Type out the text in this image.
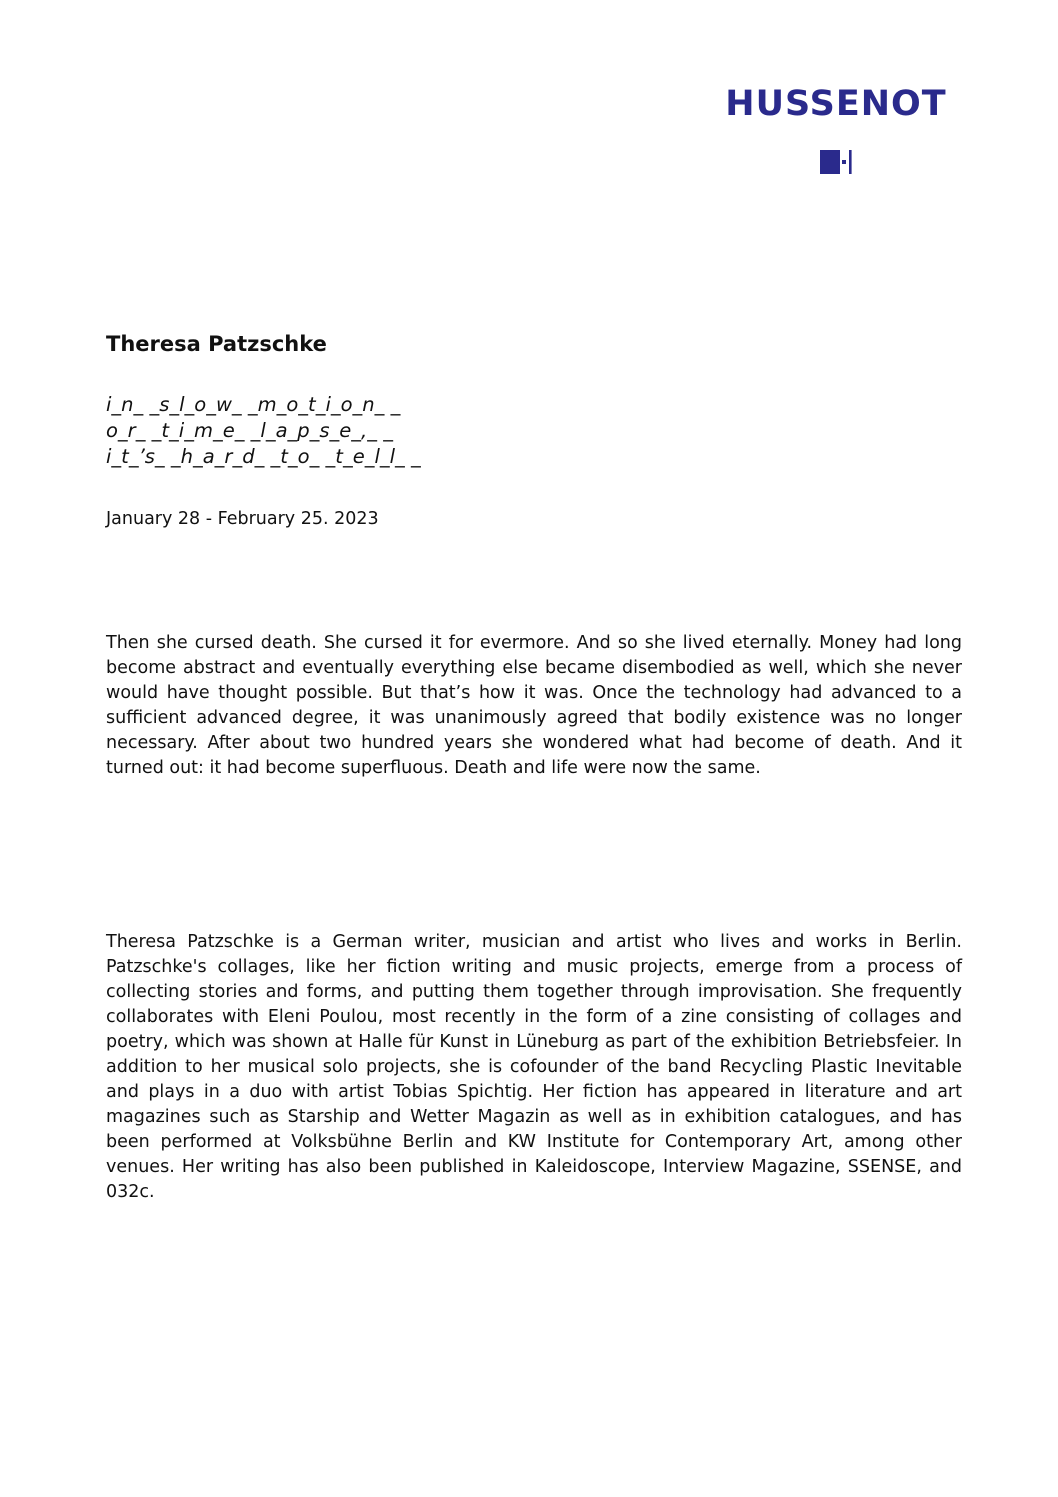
HUSSENOT
Theresa Patzschke
i_n_ _s_l_o_w_ _m_o_t_i_o_n_ _
o_r_ _t_i_m_e_ _l_a_p_s_e_,_ _
i_t_’s_ _h_a_r_d_ _t_o_ _t_e_l_l_ _
January 28 - February 25. 2023

Then she cursed death. She cursed it for evermore. And so she lived eternally. Money had long become abstract and eventually everything else became disembodied as well, which she never would have thought possible. But that’s how it was. Once the technology had advanced to a sufficient advanced degree, it was unanimously agreed that bodily existence was no longer necessary. After about two hundred years she wondered what had become of death. And it turned out: it had become superfluous. Death and life were now the same.

Theresa Patzschke is a German writer, musician and artist who lives and works in Berlin. Patzschke's collages, like her fiction writing and music projects, emerge from a process of collecting stories and forms, and putting them together through improvisation. She frequently collaborates with Eleni Poulou, most recently in the form of a zine consisting of collages and poetry, which was shown at Halle für Kunst in Lüneburg as part of the exhibition Betriebsfeier. In addition to her musical solo projects, she is cofounder of the band Recycling Plastic Inevitable and plays in a duo with artist Tobias Spichtig. Her fiction has appeared in literature and art magazines such as Starship and Wetter Magazin as well as in exhibition catalogues, and has been performed at Volksbühne Berlin and KW Institute for Contemporary Art, among other venues. Her writing has also been published in Kaleidoscope, Interview Magazine, SSENSE, and 032c.
